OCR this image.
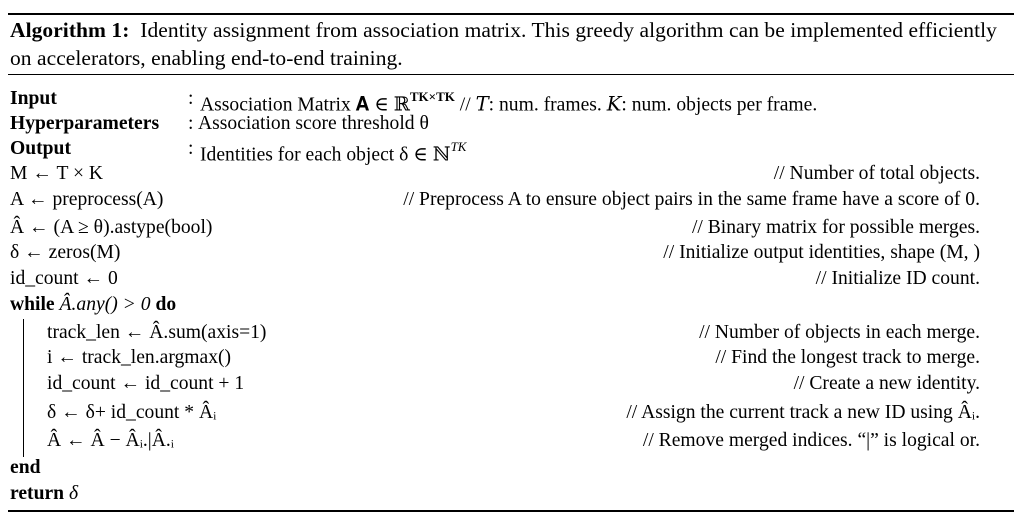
Algorithm 1: Identity assignment from association matrix. This greedy algorithm can be implemented efficiently on accelerators, enabling end-to-end training.
Input	: Association Matrix 𝐀 ∈ ℝ$^{TK\times TK}$ // 𝑇: num. frames. 𝐾: num. objects per frame.
Hyperparameters : Association score threshold θ
Output	: Identities for each object δ ∈ ℕ$^{TK}$
M ← T × K	// Number of total objects.
A ← preprocess(A)	// Preprocess A to ensure object pairs in the same frame have a score of 0.
Â ← (A ≥ θ).astype(bool)	// Binary matrix for possible merges.
δ ← zeros(M)	// Initialize output identities, shape (M, )
id_count ← 0	// Initialize ID count.
while Â.any() > 0 do
track_len ← Â.sum(axis=1)	// Number of objects in each merge.
i ← track_len.argmax()	// Find the longest track to merge.
id_count ← id_count + 1	// Create a new identity.
δ ← δ+ id_count * Âᵢ	// Assign the current track a new ID using Âᵢ.
Â ← Â − Âᵢ.|Â.ᵢ	// Remove merged indices. “|” is logical or.
end
return δ
